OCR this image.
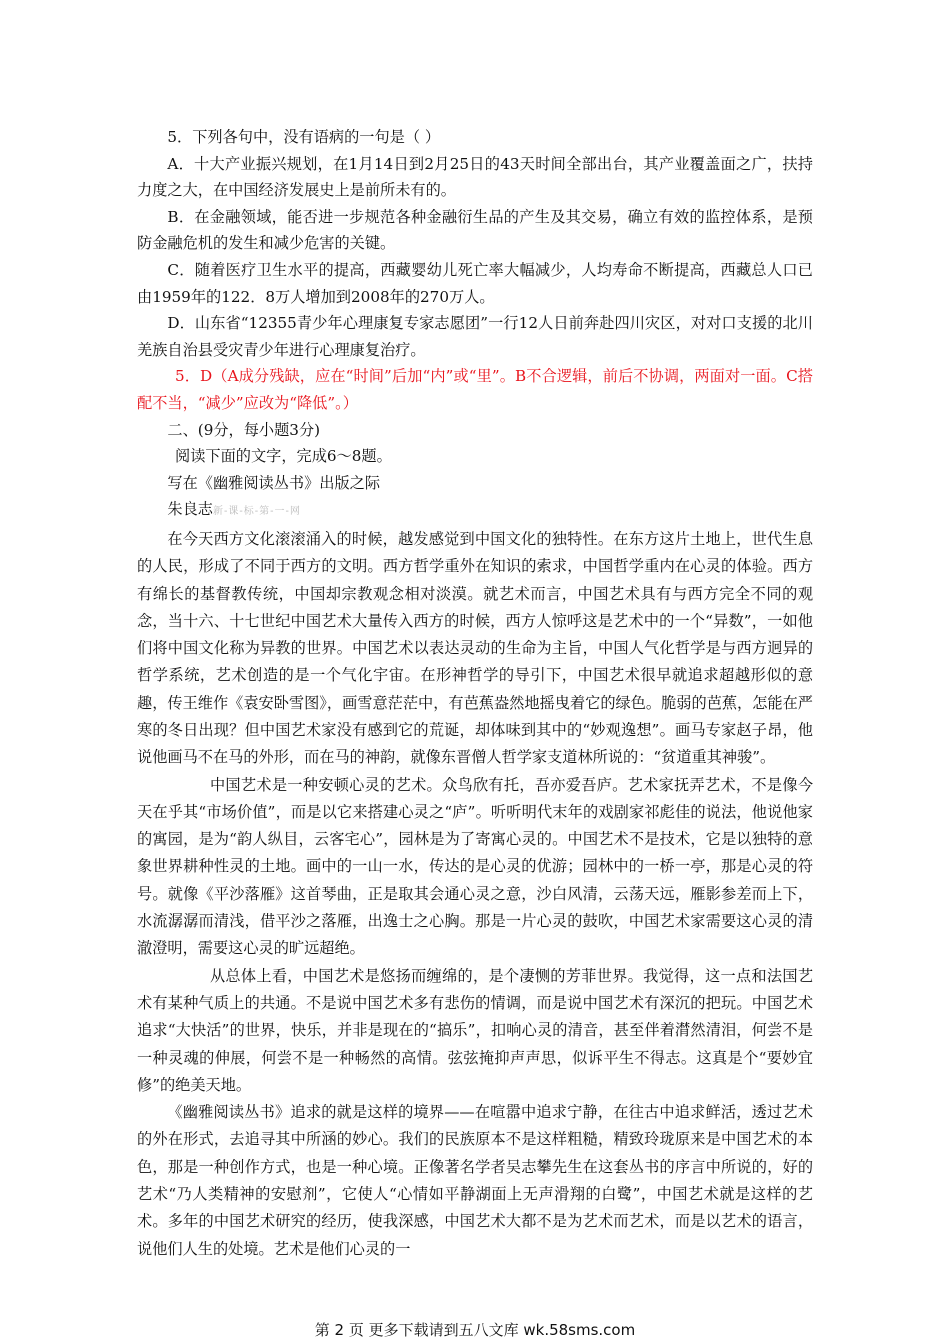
5．下列各句中，没有语病的一句是（ ）

A．十大产业振兴规划，在1月14日到2月25日的43天时间全部出台，其产业覆盖面之广，扶持力度之大，在中国经济发展史上是前所未有的。

B．在金融领域，能否进一步规范各种金融衍生品的产生及其交易，确立有效的监控体系，是预防金融危机的发生和减少危害的关键。

C．随着医疗卫生水平的提高，西藏婴幼儿死亡率大幅减少，人均寿命不断提高，西藏总人口已由1959年的122．8万人增加到2008年的270万人。

D．山东省“12355青少年心理康复专家志愿团”一行12人日前奔赴四川灾区，对对口支援的北川羌族自治县受灾青少年进行心理康复治疗。

5．D（A成分残缺，应在“时间”后加“内”或“里”。B不合逻辑，前后不协调，两面对一面。C搭配不当，“减少”应改为“降低”。）

二、(9分，每小题3分)

阅读下面的文字，完成6～8题。

写在《幽雅阅读丛书》出版之际

朱良志新-课-标-第-一-网

在今天西方文化滚滚涌入的时候，越发感觉到中国文化的独特性。在东方这片土地上，世代生息的人民，形成了不同于西方的文明。西方哲学重外在知识的索求，中国哲学重内在心灵的体验。西方有绵长的基督教传统，中国却宗教观念相对淡漠。就艺术而言，中国艺术具有与西方完全不同的观念，当十六、十七世纪中国艺术大量传入西方的时候，西方人惊呼这是艺术中的一个“异数”，一如他们将中国文化称为异教的世界。中国艺术以表达灵动的生命为主旨，中国人气化哲学是与西方迥异的哲学系统，艺术创造的是一个气化宇宙。在形神哲学的导引下，中国艺术很早就追求超越形似的意趣，传王维作《袁安卧雪图》，画雪意茫茫中，有芭蕉盎然地摇曳着它的绿色。脆弱的芭蕉，怎能在严寒的冬日出现？但中国艺术家没有感到它的荒诞，却体味到其中的“妙观逸想”。画马专家赵子昂，他说他画马不在马的外形，而在马的神韵，就像东晋僧人哲学家支道林所说的：“贫道重其神骏”。

中国艺术是一种安顿心灵的艺术。众鸟欣有托，吾亦爱吾庐。艺术家抚弄艺术，不是像今天在乎其“市场价值”，而是以它来搭建心灵之“庐”。听听明代末年的戏剧家祁彪佳的说法，他说他家的寓园，是为“韵人纵目，云客宅心”，园林是为了寄寓心灵的。中国艺术不是技术，它是以独特的意象世界耕种性灵的土地。画中的一山一水，传达的是心灵的优游；园林中的一桥一亭，那是心灵的符号。就像《平沙落雁》这首琴曲，正是取其会通心灵之意，沙白风清，云荡天远，雁影参差而上下，水流潺潺而清浅，借平沙之落雁，出逸士之心胸。那是一片心灵的鼓吹，中国艺术家需要这心灵的清澈澄明，需要这心灵的旷远超绝。

从总体上看，中国艺术是悠扬而缠绵的，是个凄恻的芳菲世界。我觉得，这一点和法国艺术有某种气质上的共通。不是说中国艺术多有悲伤的情调，而是说中国艺术有深沉的把玩。中国艺术追求“大快活”的世界，快乐，并非是现在的“搞乐”，扣响心灵的清音，甚至伴着潸然清泪，何尝不是一种灵魂的伸展，何尝不是一种畅然的高情。弦弦掩抑声声思，似诉平生不得志。这真是个“要妙宜修”的绝美天地。

《幽雅阅读丛书》追求的就是这样的境界——在喧嚣中追求宁静，在往古中追求鲜活，透过艺术的外在形式，去追寻其中所涵的妙心。我们的民族原本不是这样粗糙，精致玲珑原来是中国艺术的本色，那是一种创作方式，也是一种心境。正像著名学者吴志攀先生在这套丛书的序言中所说的，好的艺术“乃人类精神的安慰剂”，它使人“心情如平静湖面上无声滑翔的白鹭”，中国艺术就是这样的艺术。多年的中国艺术研究的经历，使我深感，中国艺术大都不是为艺术而艺术，而是以艺术的语言，说他们人生的处境。艺术是他们心灵的一

第 2 页 更多下载请到五八文库 wk.58sms.com
